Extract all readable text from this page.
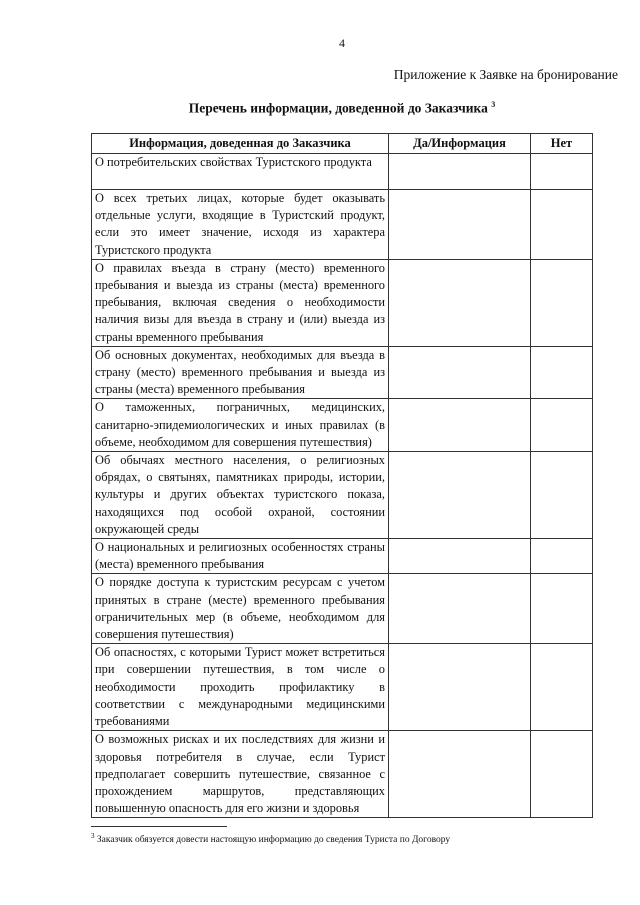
4
Приложение к Заявке на бронирование
Перечень информации, доведенной до Заказчика $^3$
Информация, доведенная до Заказчика	Да/Информация	Нет
О потребительских свойствах Туристского продукта		
О всех третьих лицах, которые будет оказывать отдельные услуги, входящие в Туристский продукт, если это имеет значение, исходя из характера Туристского продукта		
О правилах въезда в страну (место) временного пребывания и выезда из страны (места) временного пребывания, включая сведения о необходимости наличия визы для въезда в страну и (или) выезда из страны временного пребывания		
Об основных документах, необходимых для въезда в страну (место) временного пребывания и выезда из страны (места) временного пребывания		
О таможенных, пограничных, медицинских, санитарно-эпидемиологических и иных правилах (в объеме, необходимом для совершения путешествия)		
Об обычаях местного населения, о религиозных обрядах, о святынях, памятниках природы, истории, культуры и других объектах туристского показа, находящихся под особой охраной, состоянии окружающей среды		
О национальных и религиозных особенностях страны (места) временного пребывания		
О порядке доступа к туристским ресурсам с учетом принятых в стране (месте) временного пребывания ограничительных мер (в объеме, необходимом для совершения путешествия)		
Об опасностях, с которыми Турист может встретиться при совершении путешествия, в том числе о необходимости проходить профилактику в соответствии с международными медицинскими требованиями		
О возможных рисках и их последствиях для жизни и здоровья потребителя в случае, если Турист предполагает совершить путешествие, связанное с прохождением маршрутов, представляющих повышенную опасность для его жизни и здоровья		
$^3$ Заказчик обязуется довести настоящую информацию до сведения Туриста по Договору
